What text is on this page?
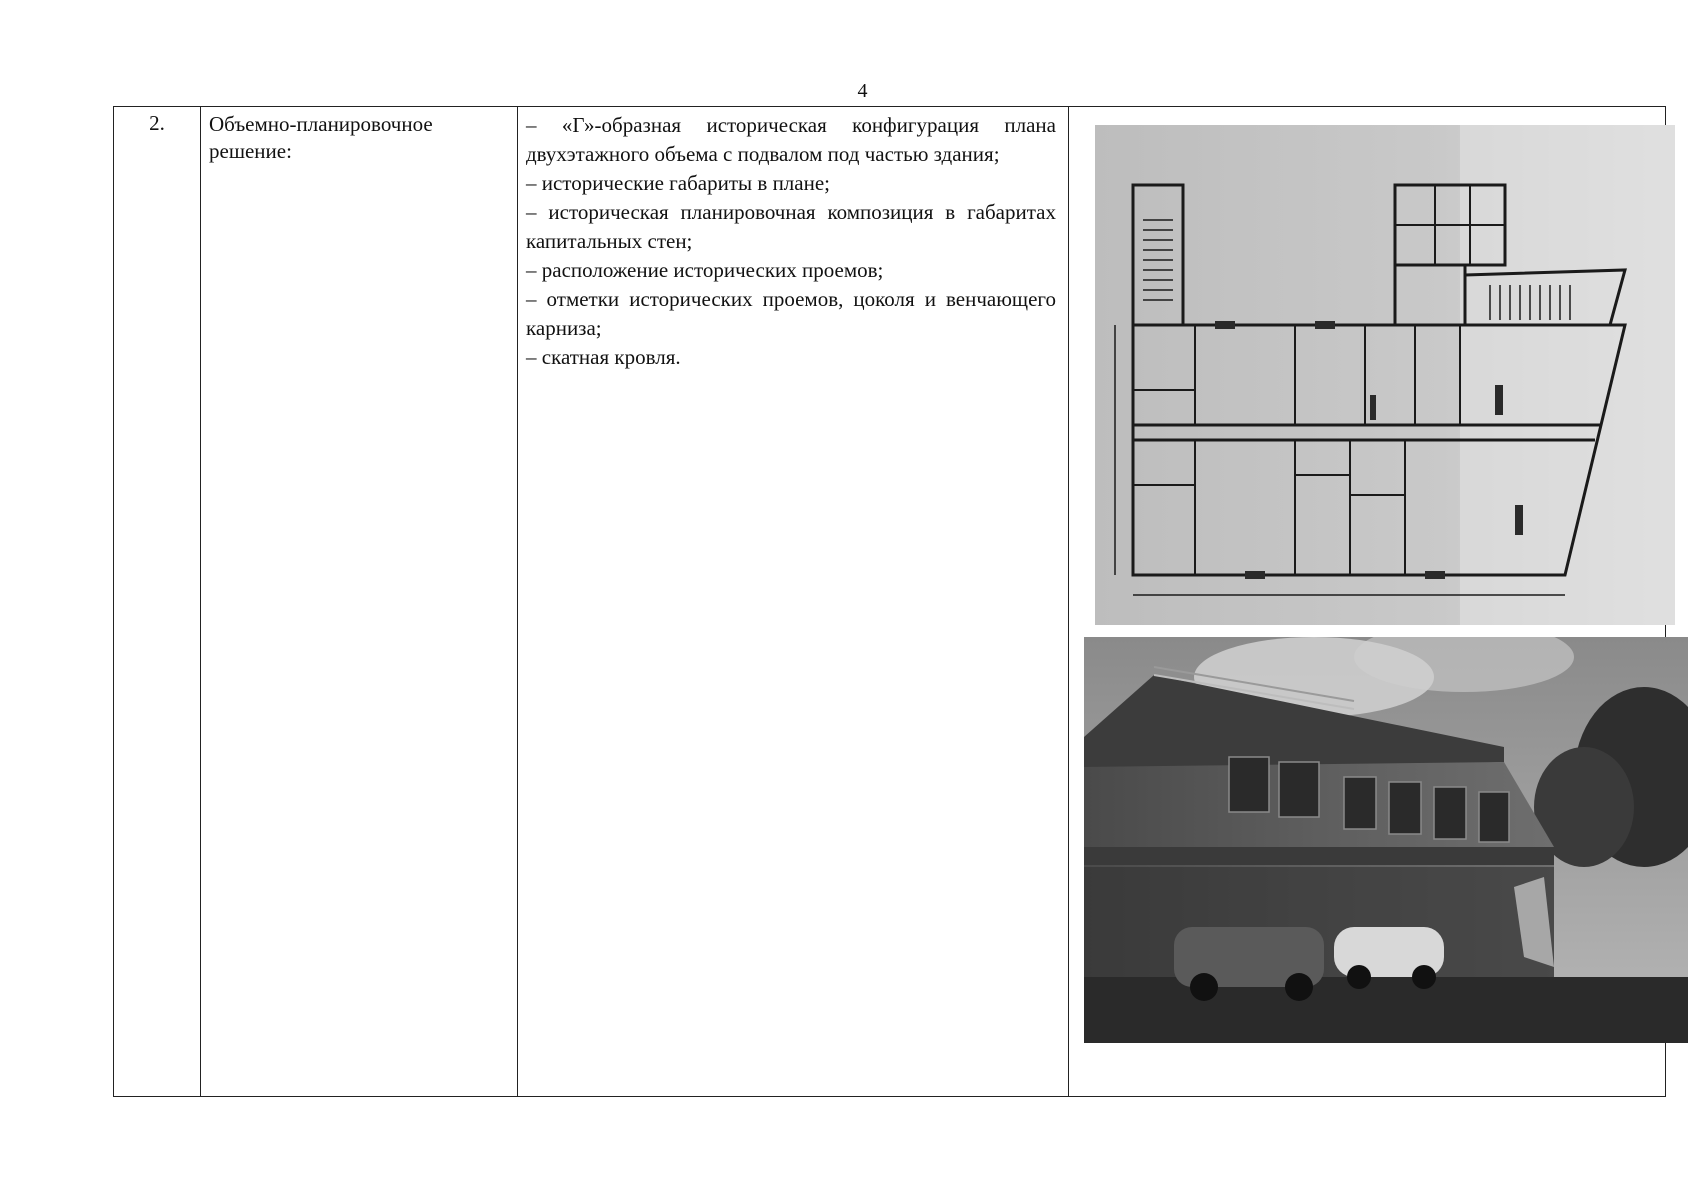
4
2.	Объемно-планировочное решение:	

– «Г»-образная историческая конфигурация плана двухэтажного объема с подвалом под частью здания;

– исторические габариты в плане;

– историческая планировочная композиция в габаритах капитальных стен;

– расположение исторических проемов;

– отметки исторических проемов, цоколя и венчающего карниза;

– скатная кровля.
